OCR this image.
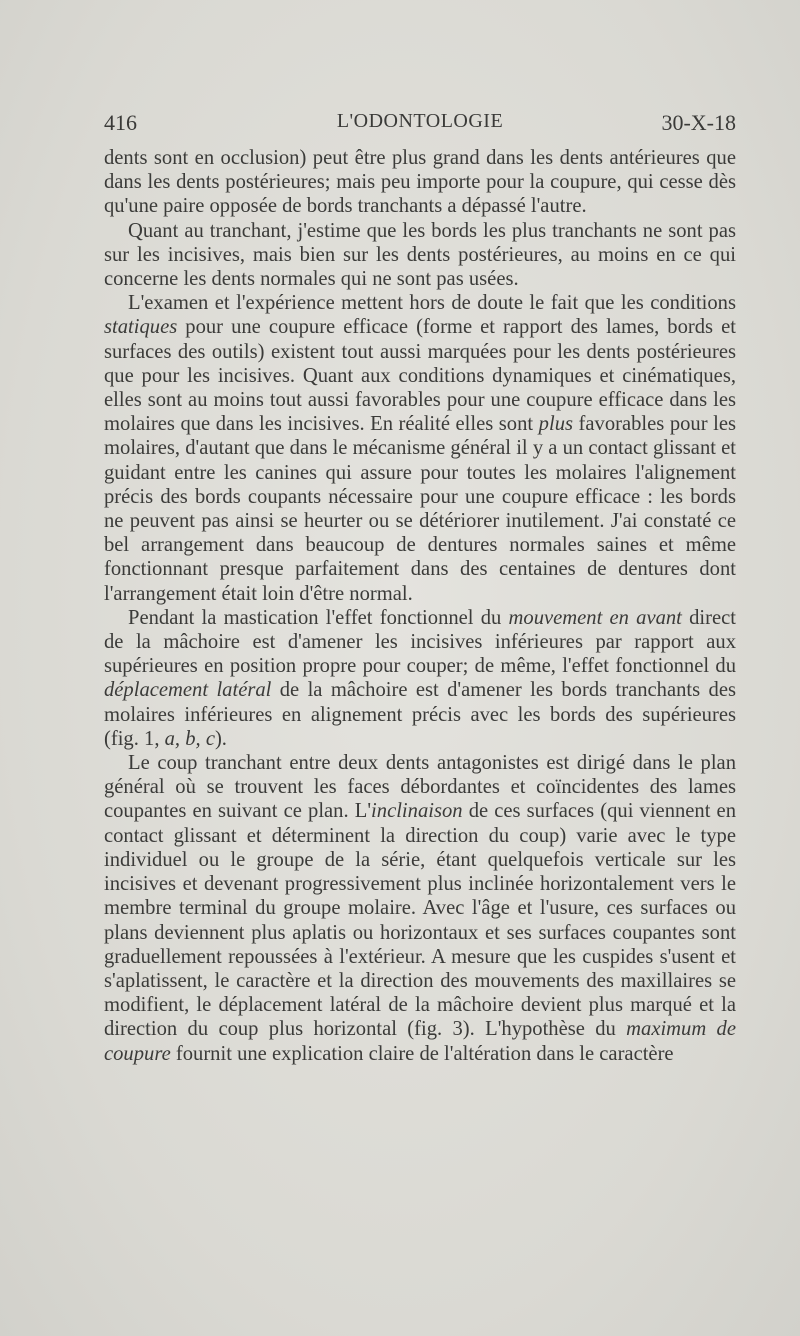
416	L'ODONTOLOGIE	30-X-18

dents sont en occlusion) peut être plus grand dans les dents antérieures que dans les dents postérieures; mais peu importe pour la coupure, qui cesse dès qu'une paire opposée de bords tranchants a dépassé l'autre.

Quant au tranchant, j'estime que les bords les plus tranchants ne sont pas sur les incisives, mais bien sur les dents postérieures, au moins en ce qui concerne les dents normales qui ne sont pas usées.

L'examen et l'expérience mettent hors de doute le fait que les conditions statiques pour une coupure efficace (forme et rapport des lames, bords et surfaces des outils) existent tout aussi marquées pour les dents postérieures que pour les incisives. Quant aux conditions dynamiques et cinématiques, elles sont au moins tout aussi favorables pour une coupure efficace dans les molaires que dans les incisives. En réalité elles sont plus favorables pour les molaires, d'autant que dans le mécanisme général il y a un contact glissant et guidant entre les canines qui assure pour toutes les molaires l'alignement précis des bords coupants nécessaire pour une coupure efficace : les bords ne peuvent pas ainsi se heurter ou se détériorer inutilement. J'ai constaté ce bel arrangement dans beaucoup de dentures normales saines et même fonctionnant presque parfaitement dans des centaines de dentures dont l'arrangement était loin d'être normal.

Pendant la mastication l'effet fonctionnel du mouvement en avant direct de la mâchoire est d'amener les incisives inférieures par rapport aux supérieures en position propre pour couper; de même, l'effet fonctionnel du déplacement latéral de la mâchoire est d'amener les bords tranchants des molaires inférieures en alignement précis avec les bords des supérieures (fig. 1, a, b, c).

Le coup tranchant entre deux dents antagonistes est dirigé dans le plan général où se trouvent les faces débordantes et coïncidentes des lames coupantes en suivant ce plan. L'inclinaison de ces surfaces (qui viennent en contact glissant et déterminent la direction du coup) varie avec le type individuel ou le groupe de la série, étant quelquefois verticale sur les incisives et devenant progressivement plus inclinée horizontalement vers le membre terminal du groupe molaire. Avec l'âge et l'usure, ces surfaces ou plans deviennent plus aplatis ou horizontaux et ses surfaces coupantes sont graduellement repoussées à l'extérieur. A mesure que les cuspides s'usent et s'aplatissent, le caractère et la direction des mouvements des maxillaires se modifient, le déplacement latéral de la mâchoire devient plus marqué et la direction du coup plus horizontal (fig. 3). L'hypothèse du maximum de coupure fournit une explication claire de l'altération dans le caractère
